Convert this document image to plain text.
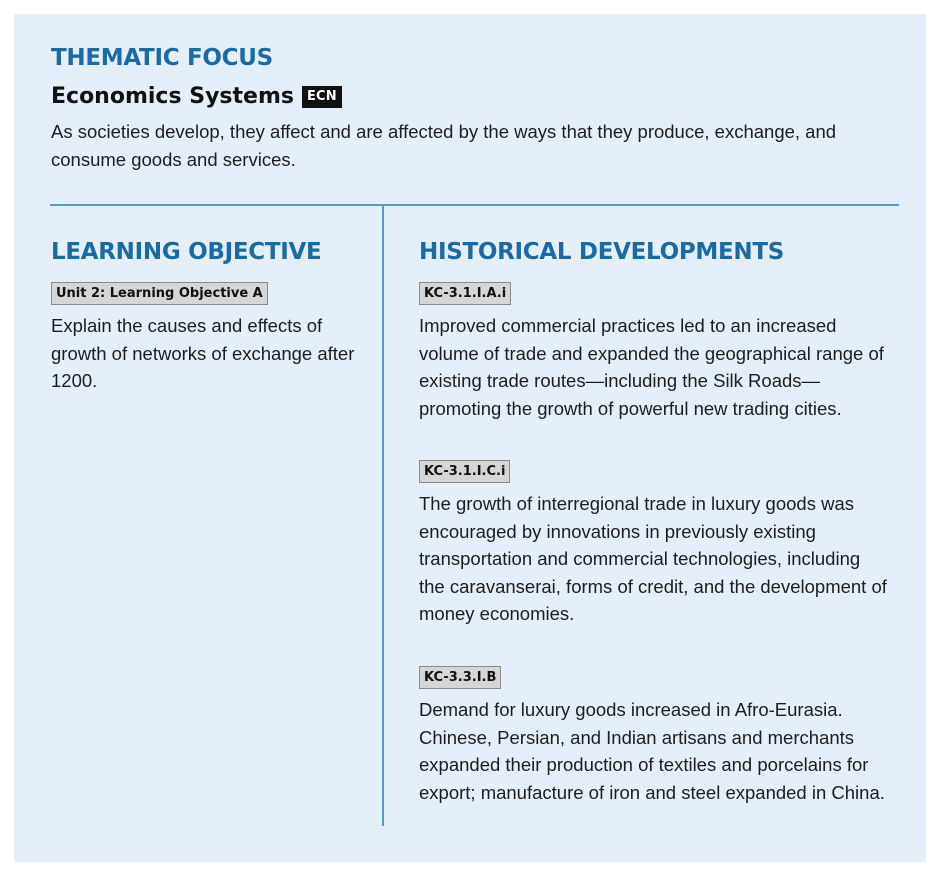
THEMATIC FOCUS
Economics Systems	ECN

As societies develop, they affect and are affected by the ways that they produce, exchange, and consume goods and services.

LEARNING OBJECTIVE
Unit 2: Learning Objective A

Explain the causes and effects of growth of networks of exchange after 1200.

HISTORICAL DEVELOPMENTS
KC-3.1.I.A.i

Improved commercial practices led to an increased volume of trade and expanded the geographical range of existing trade routes—including the Silk Roads—promoting the growth of powerful new trading cities.

KC-3.1.I.C.i

The growth of interregional trade in luxury goods was encouraged by innovations in previously existing transportation and commercial technologies, including the caravanserai, forms of credit, and the development of money economies.

KC-3.3.I.B

Demand for luxury goods increased in Afro-Eurasia. Chinese, Persian, and Indian artisans and merchants expanded their production of textiles and porcelains for export; manufacture of iron and steel expanded in China.
